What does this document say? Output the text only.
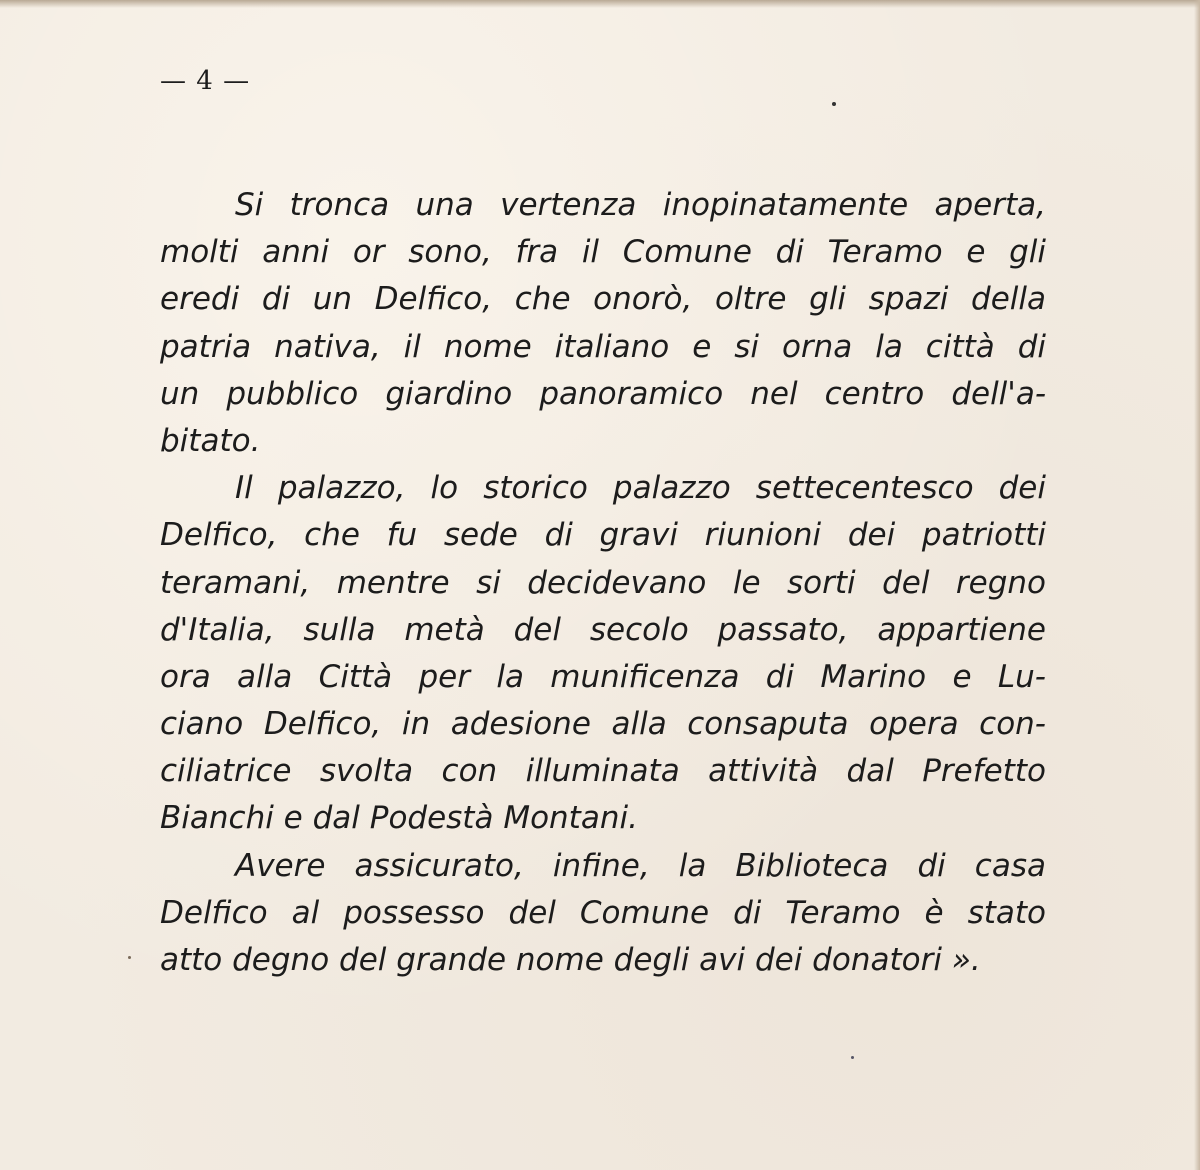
— 4 —
Si tronca una vertenza inopinatamente aperta,
molti anni or sono, fra il Comune di Teramo e gli
eredi di un Delfico, che onorò, oltre gli spazi della
patria nativa, il nome italiano e si orna la città di
un pubblico giardino panoramico nel centro dell'a-
bitato.
Il palazzo, lo storico palazzo settecentesco dei
Delfico, che fu sede di gravi riunioni dei patriotti
teramani, mentre si decidevano le sorti del regno
d'Italia, sulla metà del secolo passato, appartiene
ora alla Città per la munificenza di Marino e Lu-
ciano Delfico, in adesione alla consaputa opera con-
ciliatrice svolta con illuminata attività dal Prefetto
Bianchi e dal Podestà Montani.
Avere assicurato, infine, la Biblioteca di casa
Delfico al possesso del Comune di Teramo è stato
atto degno del grande nome degli avi dei donatori ».
